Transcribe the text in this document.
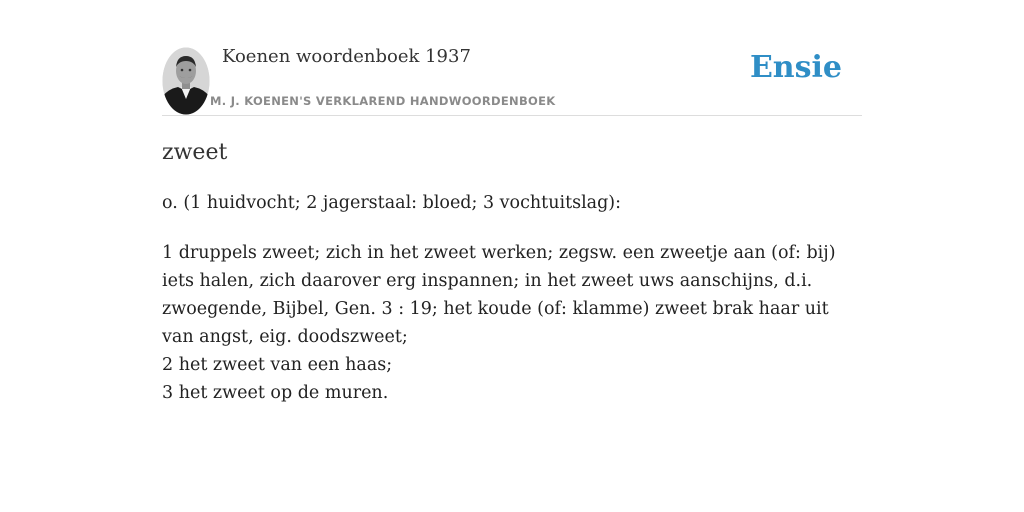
Koenen woordenboek 1937
M. J. KOENEN'S VERKLAREND HANDWOORDENBOEK
Ensie
zweet
o. (1 huidvocht; 2 jagerstaal: bloed; 3 vochtuitslag):
1 druppels zweet; zich in het zweet werken; zegsw. een zweetje aan (of: bij) iets halen, zich daarover erg inspannen; in het zweet uws aanschijns, d.i. zwoegende, Bijbel, Gen. 3 : 19; het koude (of: klamme) zweet brak haar uit van angst, eig. doodszweet;
2 het zweet van een haas;
3 het zweet op de muren.
